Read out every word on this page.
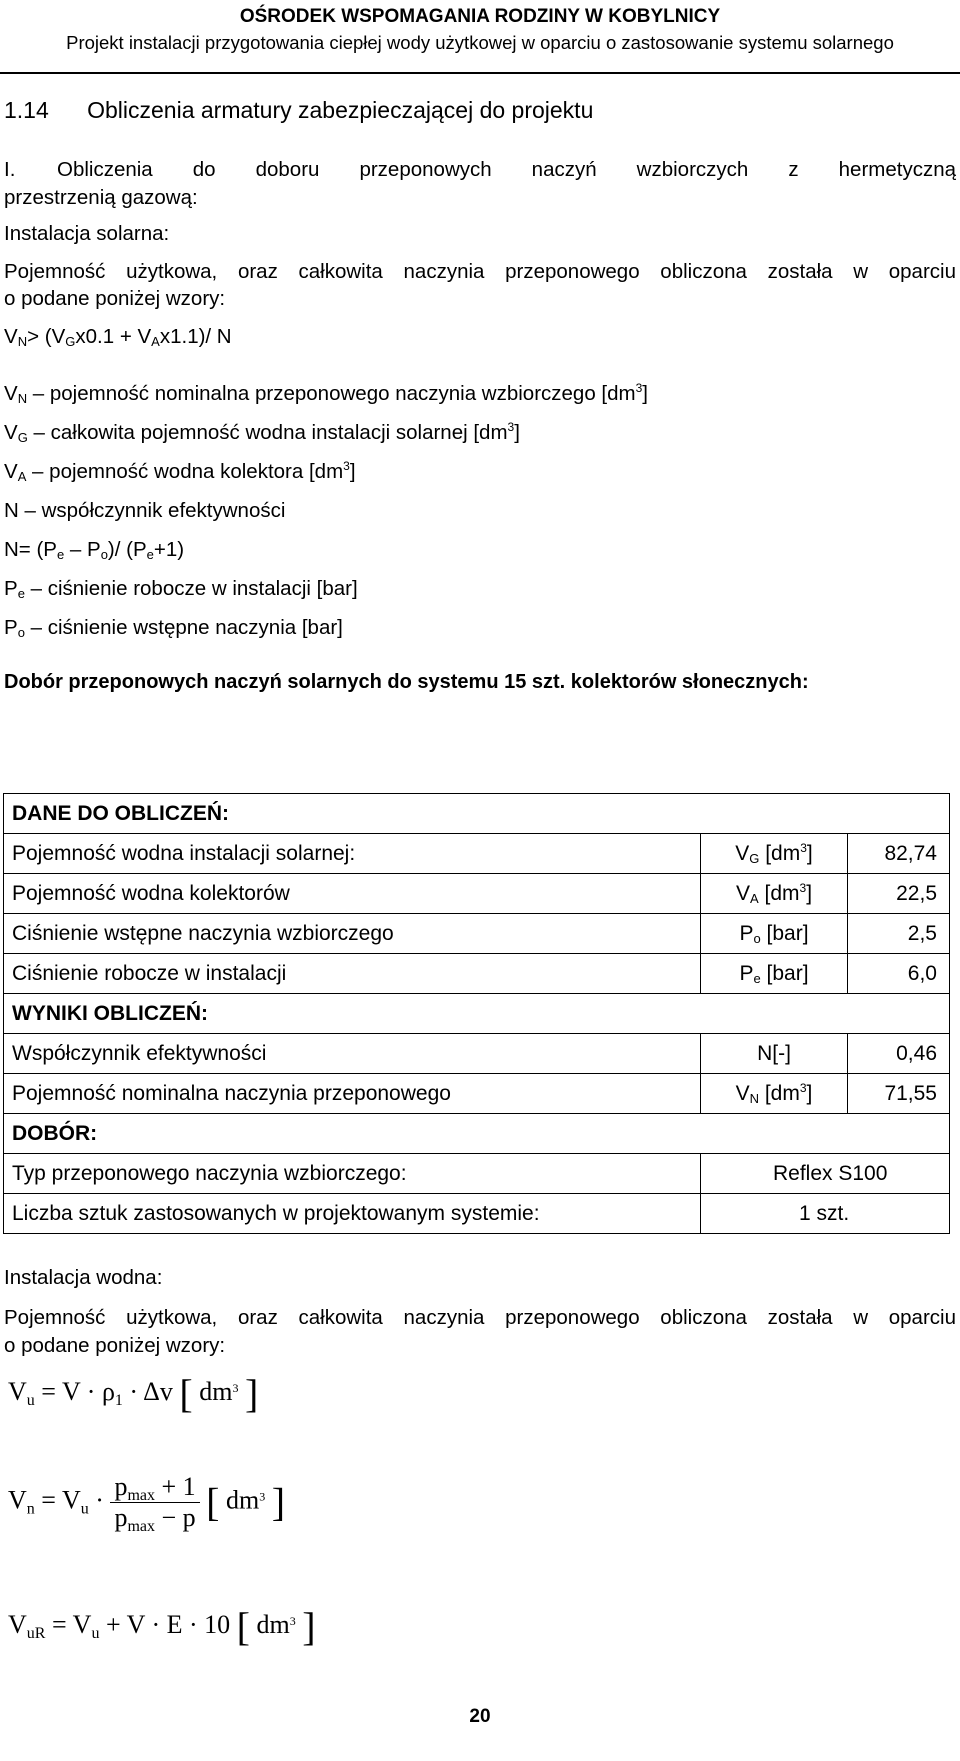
OŚRODEK WSPOMAGANIA RODZINY W KOBYLNICY
Projekt instalacji przygotowania ciepłej wody użytkowej w oparciu o zastosowanie systemu solarnego
1.14 Obliczenia armatury zabezpieczającej do projektu
I. Obliczenia do doboru przeponowych naczyń wzbiorczych z hermetyczną
przestrzenią gazową:
Instalacja solarna:
Pojemność użytkowa, oraz całkowita naczynia przeponowego obliczona została w oparciu
o podane poniżej wzory:
$V_N> (V_Gx0.1 + V_Ax1.1)/$ N
$V_N$ – pojemność nominalna przeponowego naczynia wzbiorczego $[dm^3]$
$V_G$ – całkowita pojemność wodna instalacji solarnej $[dm^3]$
$V_A$ – pojemność wodna kolektora $[dm^3]$
N – współczynnik efektywności
$N= (P_e - P_o)/$ $(P_e+1)$
$P_e$ – ciśnienie robocze w instalacji [bar]
$P_o$ – ciśnienie wstępne naczynia [bar]
Dobór przeponowych naczyń solarnych do systemu 15 szt. kolektorów słonecznych:
DANE DO OBLICZEŃ:		
Pojemność wodna instalacji solarnej:	$V_G$ $[dm^3]$	82,74
Pojemność wodna kolektorów	$V_A$ $[dm^3]$	22,5
Ciśnienie wstępne naczynia wzbiorczego	$P_o$ [bar]	2,5
Ciśnienie robocze w instalacji	$P_e$ [bar]	6,0
WYNIKI OBLICZEŃ:		
Współczynnik efektywności	N[-]	0,46
Pojemność nominalna naczynia przeponowego	$V_N$ $[dm^3]$	71,55
DOBÓR:		
Typ przeponowego naczynia wzbiorczego:	Reflex S100	
Liczba sztuk zastosowanych w projektowanym systemie:	1 szt.	
Instalacja wodna:
Pojemność użytkowa, oraz całkowita naczynia przeponowego obliczona została w oparciu
o podane poniżej wzory:
$V_u = V \cdot \rho_1 \cdot \Delta v$ [ $dm^3$ ]
$V_n = V_u \cdot \frac{p_{max} + 1}{p_{max} - p}$ [ $dm^3$ ]
$V_{uR} = V_u + V \cdot E \cdot 10$ [ $dm^3$ ]
20
